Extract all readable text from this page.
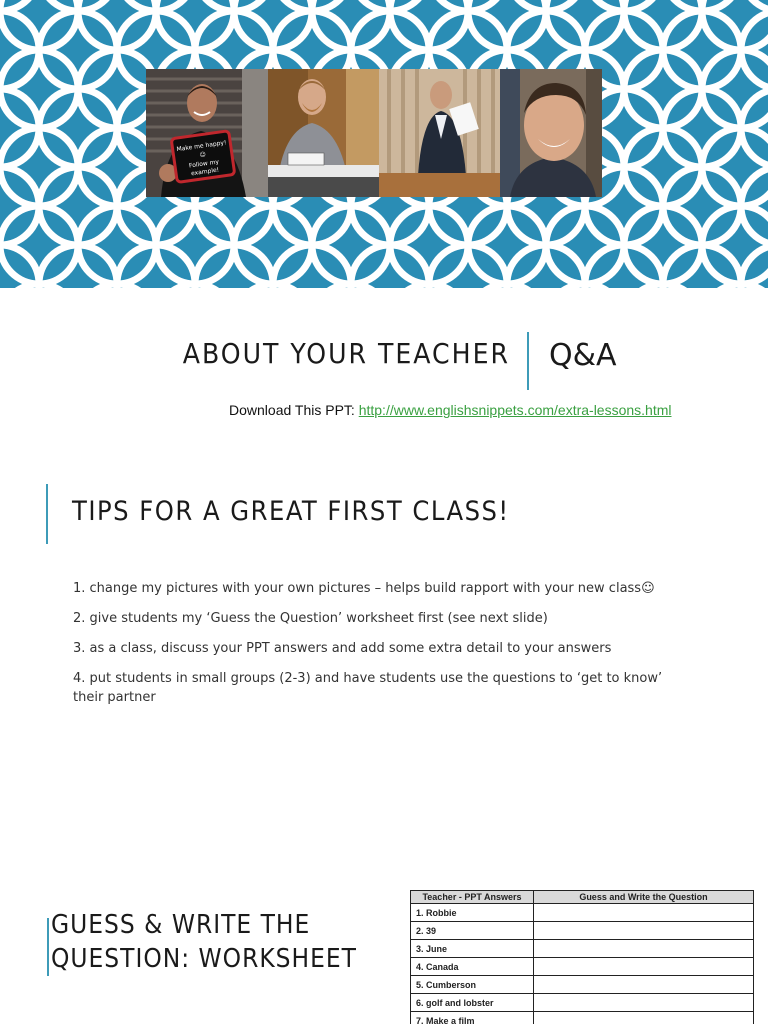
Make me happy!
☺
Follow my
example!
ABOUT YOUR TEACHER Q&A
Download This PPT: http://www.englishsnippets.com/extra-lessons.html
TIPS FOR A GREAT FIRST CLASS!
1. change my pictures with your own pictures – helps build rapport with your new class☺
2. give students my ‘Guess the Question’ worksheet first (see next slide)
3. as a class, discuss your PPT answers and add some extra detail to your answers
4. put students in small groups (2-3) and have students use the questions to ‘get to know’ their partner
GUESS & WRITE THE QUESTION: WORKSHEET
Teacher - PPT Answers	Guess and Write the Question
1. Robbie	
2. 39	
3. June	
4. Canada	
5. Cumberson	
6. golf and lobster	
7. Make a film	
